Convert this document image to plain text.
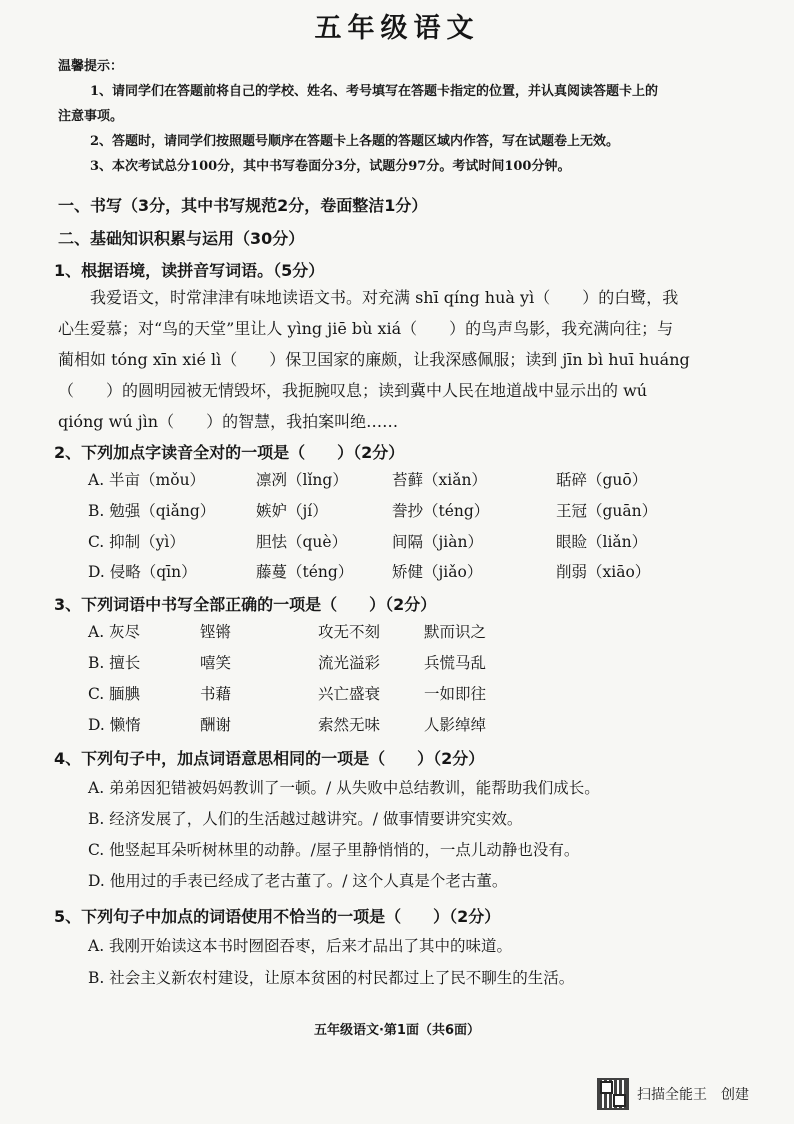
五年级语文
温馨提示：
1、请同学们在答题前将自己的学校、姓名、考号填写在答题卡指定的位置，并认真阅读答题卡上的
注意事项。
2、答题时，请同学们按照题号顺序在答题卡上各题的答题区域内作答，写在试题卷上无效。
3、本次考试总分100分，其中书写卷面分3分，试题分97分。考试时间100分钟。
一、书写（3分，其中书写规范2分，卷面整洁1分）
二、基础知识积累与运用（30分）
1、根据语境，读拼音写词语。（5分）
我爱语文，时常津津有味地读语文书。对充满 shī qíng huà yì（　　）的白鹭，我
心生爱慕；对“鸟的天堂”里让人 yìng jiē bù xiá（　　）的鸟声鸟影，我充满向往；与
蔺相如 tóng xīn xié lì（　　）保卫国家的廉颇，让我深感佩服；读到 jīn bì huī huáng
（　　）的圆明园被无情毁坏，我扼腕叹息；读到冀中人民在地道战中显示出的 wú
qióng wú jìn（　　）的智慧，我拍案叫绝……
2、下列加点字读音全对的一项是（　　）（2分）
A. 半亩（mǒu）	凛冽（lǐng）	苔藓（xiǎn）	聒碎（guō）
B. 勉强（qiǎng）	嫉妒（jí）	誊抄（téng）	王冠（guān）
C. 抑制（yì）	胆怯（què）	间隔（jiàn）	眼睑（liǎn）
D. 侵略（qīn）	藤蔓（téng） 矫健（jiǎo）	削弱（xiāo）
3、下列词语中书写全部正确的一项是（　　）（2分）
A. 灰尽	铿锵	攻无不刻	默而识之
B. 擅长	嘻笑	流光溢彩	兵慌马乱
C. 腼腆	书藉	兴亡盛衰	一如即往
D. 懒惰	酬谢	索然无味	人影绰绰
4、下列句子中，加点词语意思相同的一项是（　　）（2分）
A. 弟弟因犯错被妈妈教训了一顿。/ 从失败中总结教训，能帮助我们成长。
B. 经济发展了，人们的生活越过越讲究。/ 做事情要讲究实效。
C. 他竖起耳朵听树林里的动静。/屋子里静悄悄的，一点儿动静也没有。
D. 他用过的手表已经成了老古董了。/ 这个人真是个老古董。
5、下列句子中加点的词语使用不恰当的一项是（　　）（2分）
A. 我刚开始读这本书时囫囵吞枣，后来才品出了其中的味道。
B. 社会主义新农村建设，让原本贫困的村民都过上了民不聊生的生活。
五年级语文·第1面（共6面）
扫描全能王　创建
